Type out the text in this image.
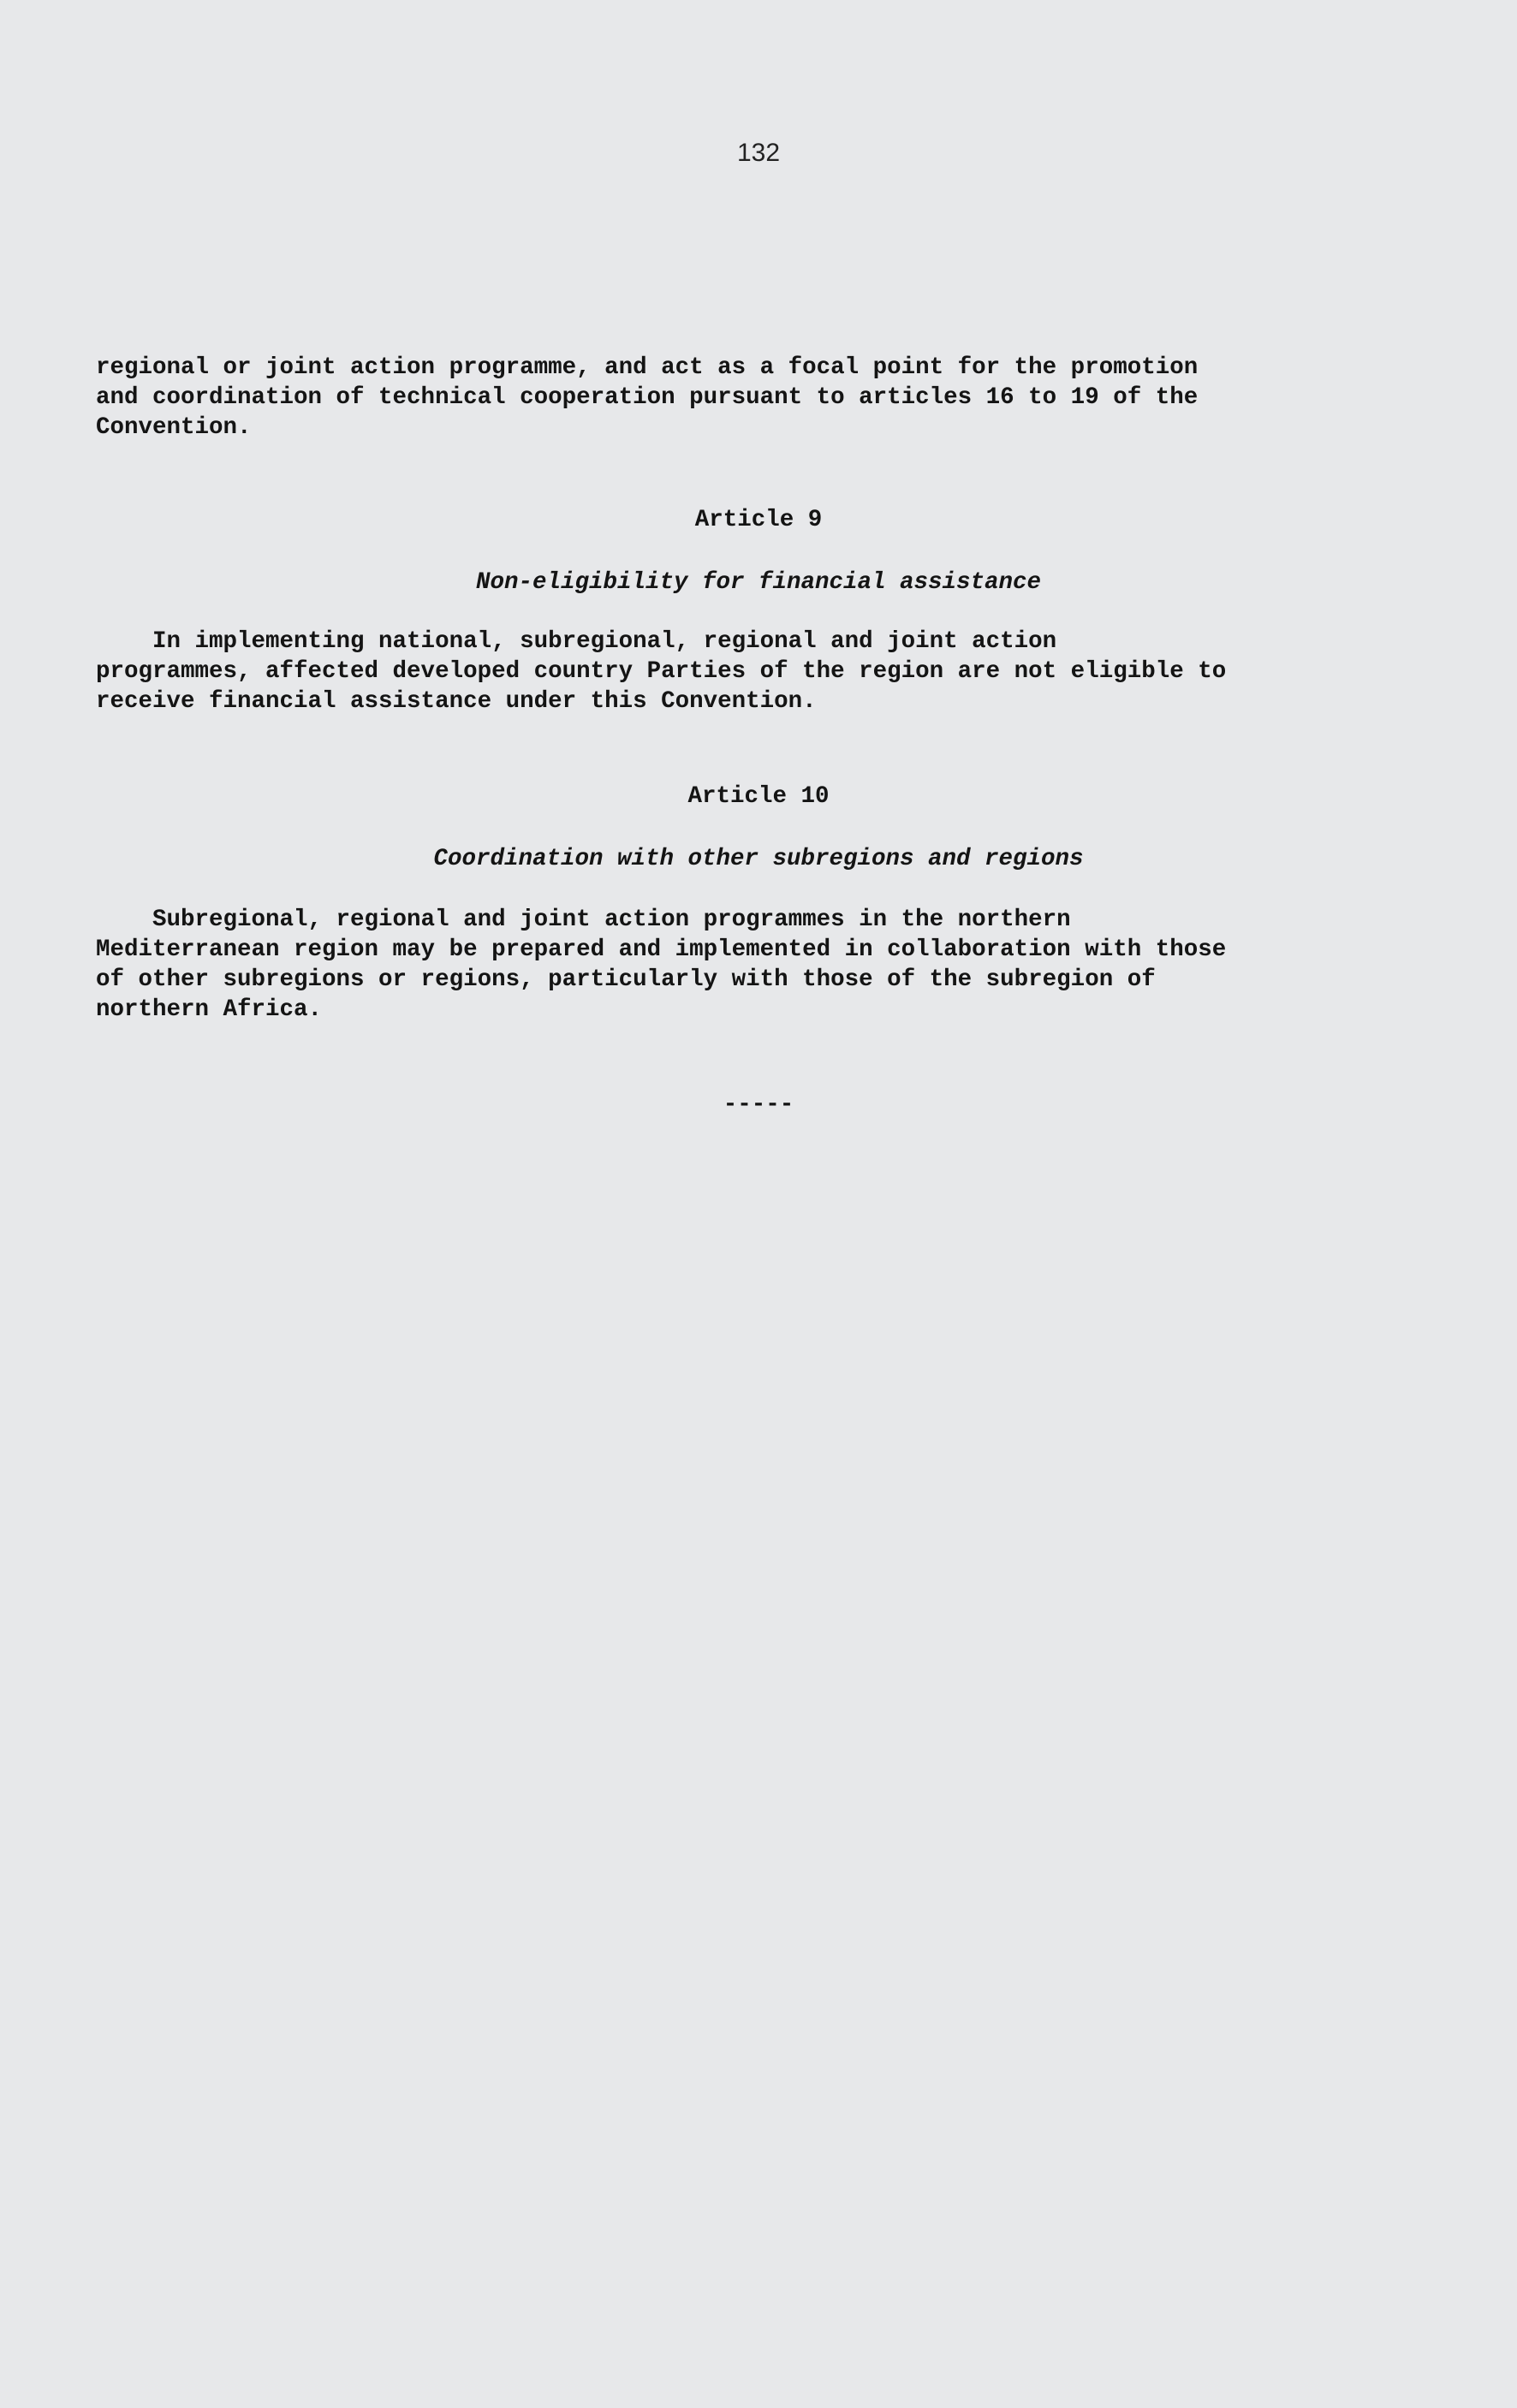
132

regional or joint action programme, and act as a focal point for the promotion
and coordination of technical cooperation pursuant to articles 16 to 19 of the
Convention.

Article 9
Non-eligibility for financial assistance

In implementing national, subregional, regional and joint action
programmes, affected developed country Parties of the region are not eligible to
receive financial assistance under this Convention.

Article 10
Coordination with other subregions and regions

Subregional, regional and joint action programmes in the northern
Mediterranean region may be prepared and implemented in collaboration with those
of other subregions or regions, particularly with those of the subregion of
northern Africa.

-----
